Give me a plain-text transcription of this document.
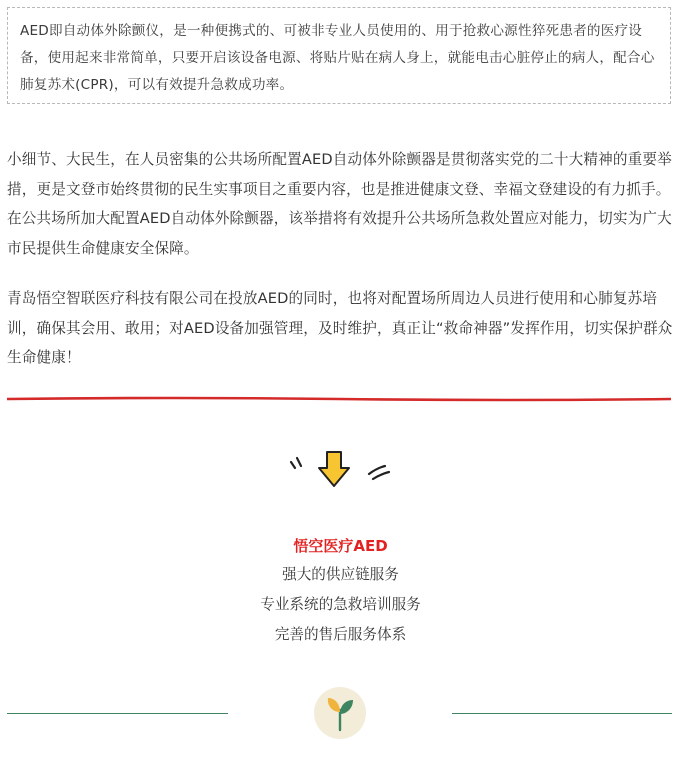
AED即自动体外除颤仪，是一种便携式的、可被非专业人员使用的、用于抢救心源性猝死患者的医疗设备，使用起来非常简单，只要开启该设备电源、将贴片贴在病人身上，就能电击心脏停止的病人，配合心肺复苏术(CPR)，可以有效提升急救成功率。

小细节、大民生，在人员密集的公共场所配置AED自动体外除颤器是贯彻落实党的二十大精神的重要举措，更是文登市始终贯彻的民生实事项目之重要内容，也是推进健康文登、幸福文登建设的有力抓手。在公共场所加大配置AED自动体外除颤器，该举措将有效提升公共场所急救处置应对能力，切实为广大市民提供生命健康安全保障。

青岛悟空智联医疗科技有限公司在投放AED的同时，也将对配置场所周边人员进行使用和心肺复苏培训，确保其会用、敢用；对AED设备加强管理，及时维护，真正让“救命神器”发挥作用，切实保护群众生命健康！

悟空医疗AED
强大的供应链服务
专业系统的急救培训服务
完善的售后服务体系
